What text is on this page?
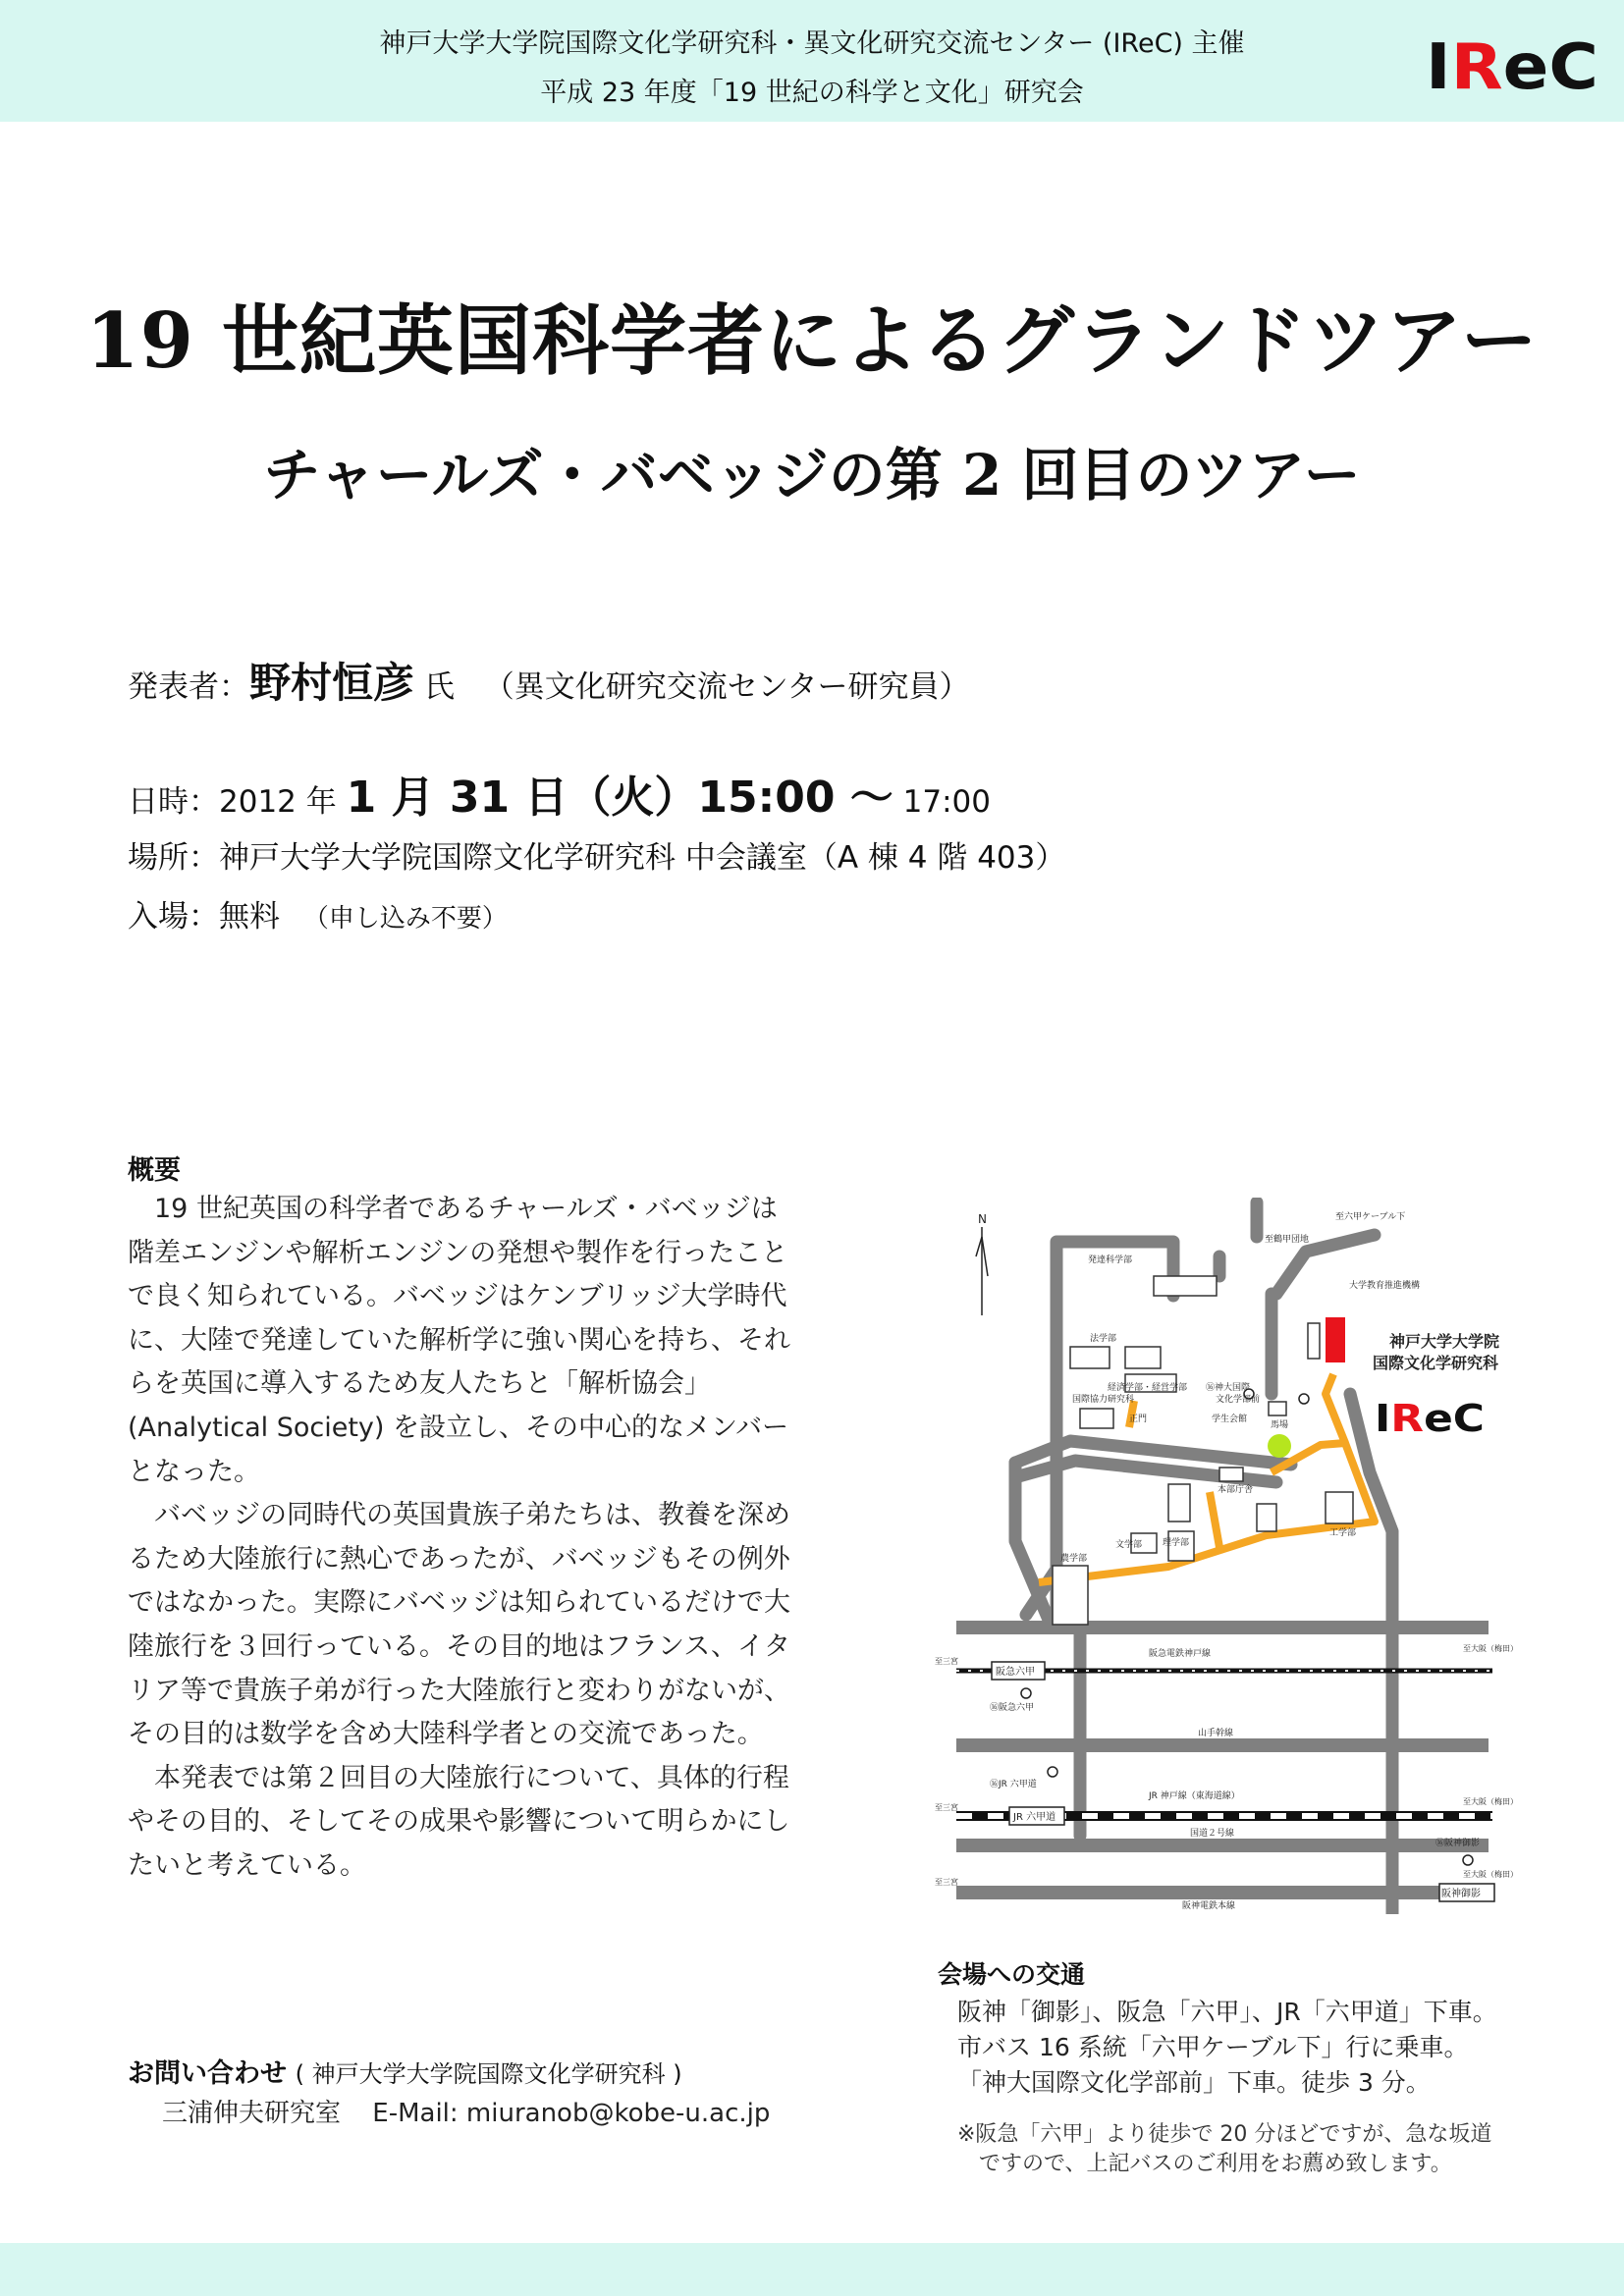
神戸大学大学院国際文化学研究科・異文化研究交流センター (IReC) 主催
平成 23 年度「19 世紀の科学と文化」研究会	IReC
19 世紀英国科学者によるグランドツアー
チャールズ・バベッジの第 2 回目のツアー
発表者：野村恒彦 氏 （異文化研究交流センター研究員）
日時：2012 年 1 月 31 日（火）15:00 〜 17:00
場所：神戸大学大学院国際文化学研究科 中会議室（A 棟 4 階 403）
入場：無料 （申し込み不要）
概要

19 世紀英国の科学者であるチャールズ・バベッジは階差エンジンや解析エンジンの発想や製作を行ったことで良く知られている。バベッジはケンブリッジ大学時代に、大陸で発達していた解析学に強い関心を持ち、それらを英国に導入するため友人たちと「解析協会」(Analytical Society) を設立し、その中心的なメンバーとなった。

バベッジの同時代の英国貴族子弟たちは、教養を深めるため大陸旅行に熱心であったが、バベッジもその例外ではなかった。実際にバベッジは知られているだけで大陸旅行を３回行っている。その目的地はフランス、イタリア等で貴族子弟が行った大陸旅行と変わりがないが、その目的は数学を含め大陸科学者との交流であった。

本発表では第２回目の大陸旅行について、具体的行程やその目的、そしてその成果や影響について明らかにしたいと考えている。

お問い合わせ ( 神戸大学大学院国際文化学研究科 )
三浦伸夫研究室 E-Mail: miuranob@kobe-u.ac.jp
N
発達科学部
至六甲ケーブル下
至鶴甲団地
大学教育推進機構
法学部
経済学部・経営学部
国際協力研究科
⑯神大国際
文化学部前
正門	学生会館
馬場
本部庁舎
農学部
文学部 理学部
工学部
阪急電鉄神戸線
阪急六甲
⑯阪急六甲
山手幹線
⑯JR 六甲道
JR 六甲道
JR 神戸線（東海道線）
国道２号線
⑯阪神御影
阪神御影
阪神電鉄本線
至三宮
至三宮
至三宮
至大阪（梅田）
至大阪（梅田）
至大阪（梅田）
神戸大学大学院
国際文化学研究科
IR eC
会場への交通
阪神「御影」、阪急「六甲」、JR「六甲道」下車。
市バス 16 系統「六甲ケーブル下」行に乗車。
「神大国際文化学部前」下車。徒歩 3 分。
※阪急「六甲」より徒歩で 20 分ほどですが、急な坂道
ですので、上記バスのご利用をお薦め致します。
